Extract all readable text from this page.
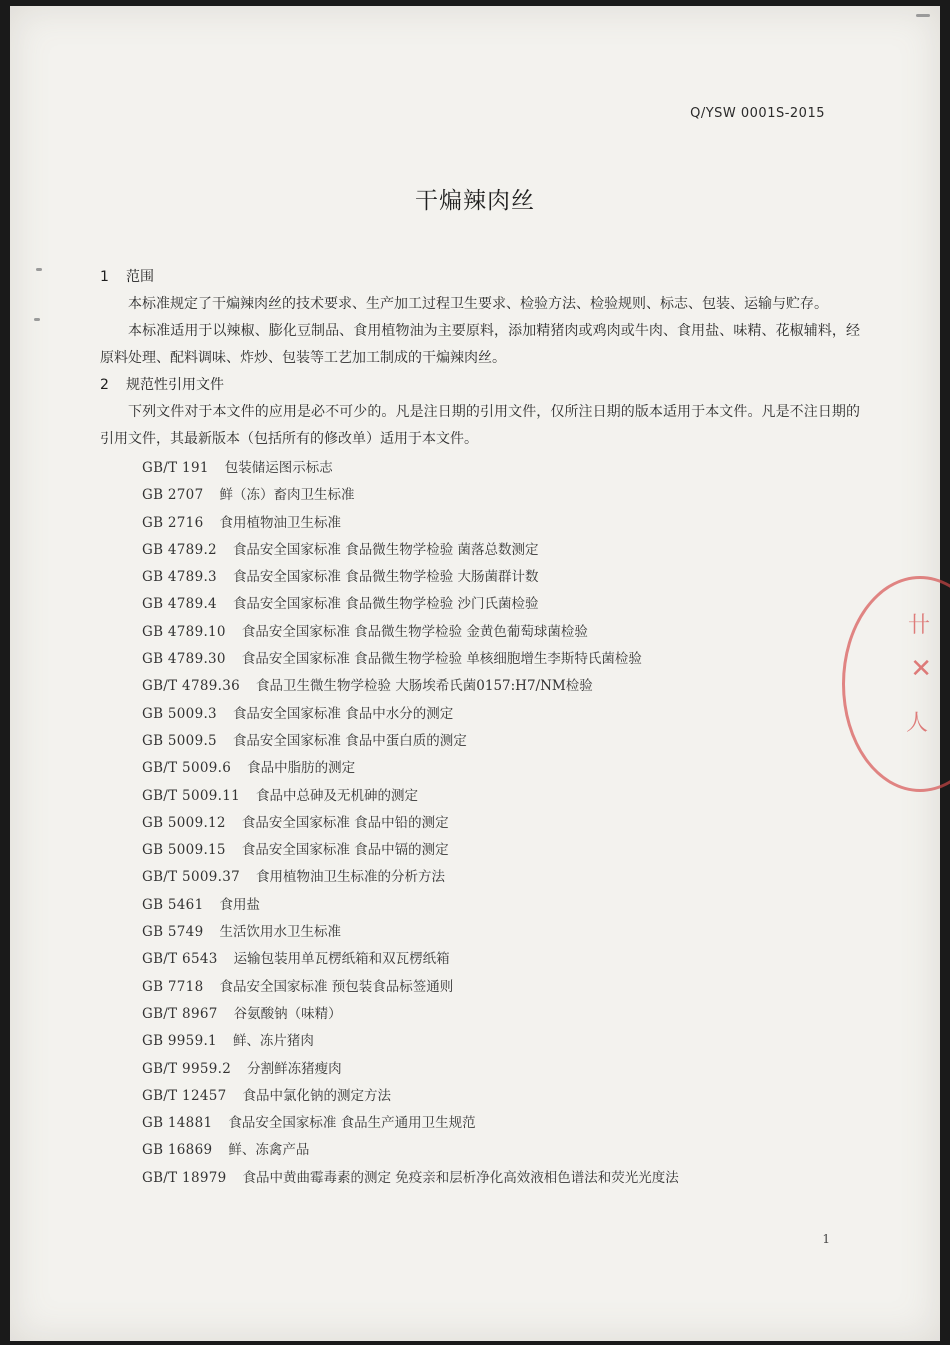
Q/YSW 0001S-2015
干煸辣肉丝
1 范围

本标准规定了干煸辣肉丝的技术要求、生产加工过程卫生要求、检验方法、检验规则、标志、包装、运输与贮存。

本标准适用于以辣椒、膨化豆制品、食用植物油为主要原料，添加精猪肉或鸡肉或牛肉、食用盐、味精、花椒辅料，经原料处理、配料调味、炸炒、包装等工艺加工制成的干煸辣肉丝。

2 规范性引用文件

下列文件对于本文件的应用是必不可少的。凡是注日期的引用文件，仅所注日期的版本适用于本文件。凡是不注日期的引用文件，其最新版本（包括所有的修改单）适用于本文件。

GB/T 191 包装储运图示标志
GB 2707 鲜（冻）畜肉卫生标准
GB 2716 食用植物油卫生标准
GB 4789.2 食品安全国家标准 食品微生物学检验 菌落总数测定
GB 4789.3 食品安全国家标准 食品微生物学检验 大肠菌群计数
GB 4789.4 食品安全国家标准 食品微生物学检验 沙门氏菌检验
GB 4789.10 食品安全国家标准 食品微生物学检验 金黄色葡萄球菌检验
GB 4789.30 食品安全国家标准 食品微生物学检验 单核细胞增生李斯特氏菌检验
GB/T 4789.36 食品卫生微生物学检验 大肠埃希氏菌0157:H7/NM检验
GB 5009.3 食品安全国家标准 食品中水分的测定
GB 5009.5 食品安全国家标准 食品中蛋白质的测定
GB/T 5009.6 食品中脂肪的测定
GB/T 5009.11 食品中总砷及无机砷的测定
GB 5009.12 食品安全国家标准 食品中铅的测定
GB 5009.15 食品安全国家标准 食品中镉的测定
GB/T 5009.37 食用植物油卫生标准的分析方法
GB 5461 食用盐
GB 5749 生活饮用水卫生标准
GB/T 6543 运输包装用单瓦楞纸箱和双瓦楞纸箱
GB 7718 食品安全国家标准 预包装食品标签通则
GB/T 8967 谷氨酸钠（味精）
GB 9959.1 鲜、冻片猪肉
GB/T 9959.2 分割鲜冻猪瘦肉
GB/T 12457 食品中氯化钠的测定方法
GB 14881 食品安全国家标准 食品生产通用卫生规范
GB 16869 鲜、冻禽产品
GB/T 18979 食品中黄曲霉毒素的测定 免疫亲和层析净化高效液相色谱法和荧光光度法
1
卄
✕
人
